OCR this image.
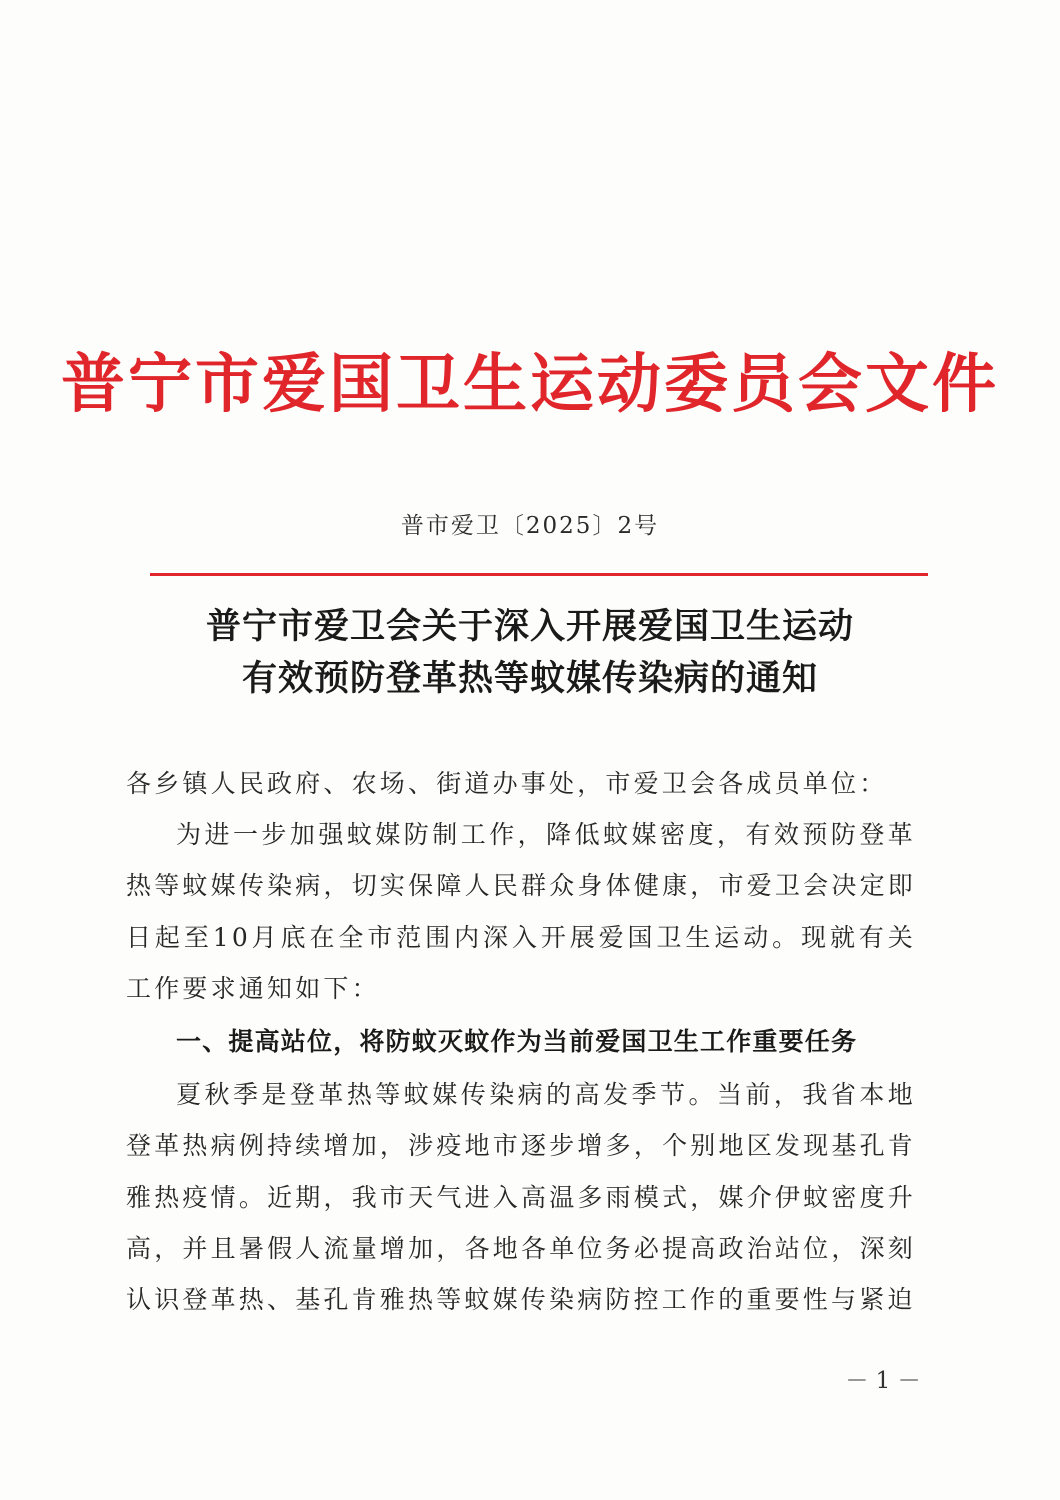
普宁市爱国卫生运动委员会文件
普市爱卫〔2025〕2号
普宁市爱卫会关于深入开展爱国卫生运动
有效预防登革热等蚊媒传染病的通知

各乡镇人民政府、农场、街道办事处，市爱卫会各成员单位：

为进一步加强蚊媒防制工作，降低蚊媒密度，有效预防登革热等蚊媒传染病，切实保障人民群众身体健康，市爱卫会决定即日起至10月底在全市范围内深入开展爱国卫生运动。现就有关工作要求通知如下：

一、提高站位，将防蚊灭蚊作为当前爱国卫生工作重要任务

夏秋季是登革热等蚊媒传染病的高发季节。当前，我省本地登革热病例持续增加，涉疫地市逐步增多，个别地区发现基孔肯雅热疫情。近期，我市天气进入高温多雨模式，媒介伊蚊密度升高，并且暑假人流量增加，各地各单位务必提高政治站位，深刻认识登革热、基孔肯雅热等蚊媒传染病防控工作的重要性与紧迫

－ 1 －
